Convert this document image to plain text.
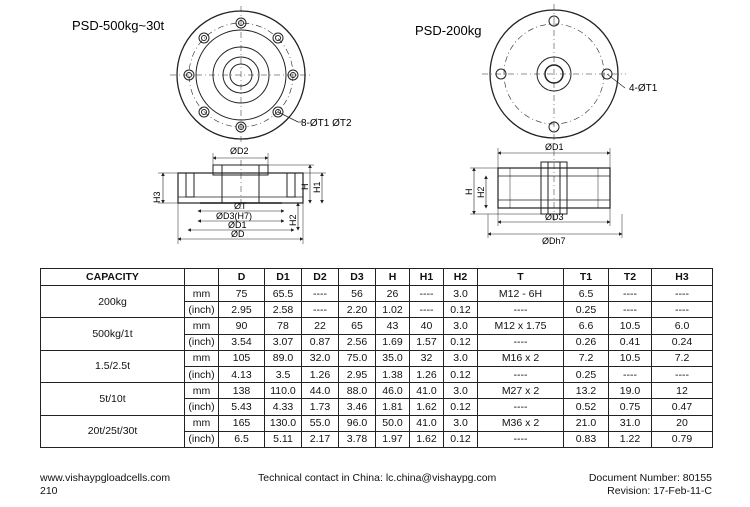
PSD-500kg~30t
8-ØT1 ØT2
ØD2
ØT
ØD3(H7)
ØD1
ØD
H3
H H1
H2
PSD-200kg
4-ØT1
ØD1
ØD3
ØDh7
H H2
CAPACITY		D	D1	D2	D3	H	H1	H2	T	T1	T2	H3
200kg	mm	75	65.5	----	56	26	----	3.0	M12 - 6H	6.5	----	----
	(inch)	2.95	2.58	----	2.20	1.02	----	0.12	----	0.25	----	----
500kg/1t	mm	90	78	22	65	43	40	3.0	M12 x 1.75	6.6	10.5	6.0
	(inch)	3.54	3.07	0.87	2.56	1.69	1.57	0.12	----	0.26	0.41	0.24
1.5/2.5t	mm	105	89.0	32.0	75.0	35.0	32	3.0	M16 x 2	7.2	10.5	7.2
	(inch)	4.13	3.5	1.26	2.95	1.38	1.26	0.12	----	0.25	----	----
5t/10t	mm	138	110.0	44.0	88.0	46.0	41.0	3.0	M27 x 2	13.2	19.0	12
	(inch)	5.43	4.33	1.73	3.46	1.81	1.62	0.12	----	0.52	0.75	0.47
20t/25t/30t	mm	165	130.0	55.0	96.0	50.0	41.0	3.0	M36 x 2	21.0	31.0	20
	(inch)	6.5	5.11	2.17	3.78	1.97	1.62	0.12	----	0.83	1.22	0.79
www.vishaypgloadcells.com	Technical contact in China: lc.china@vishaypg.com	Document Number: 80155
210	Revision: 17-Feb-11-C
